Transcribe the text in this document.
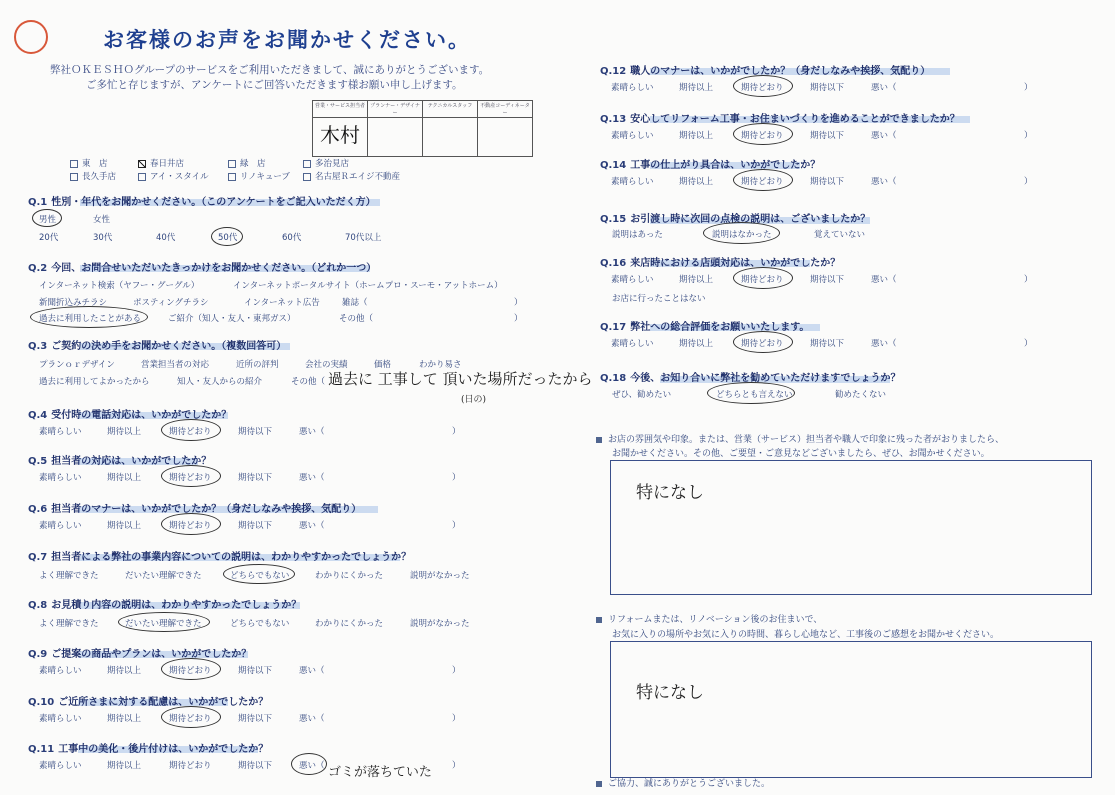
お客様のお声をお聞かせください。
弊社ＯＫＥＳＨＯグループのサービスをご利用いただきまして、誠にありがとうございます。
ご多忙と存じますが、アンケートにご回答いただきます様お願い申し上げます。
営業・サービス担当者	プランナー・デザイナー	テクニカルスタッフ	不動産コーディネーター
木村			
東　店	春日井店	緑　店	多治見店
長久手店	アイ・スタイル	リノキューブ	名古屋Ｒエイジ不動産
Q.1 性別・年代をお聞かせください。（このアンケートをご記入いただく方）
男性	女性
20代	30代	40代	50代	60代	70代以上
Q.2 今回、お問合せいただいたきっかけをお聞かせください。（どれか一つ）
インターネット検索（ヤフー・グーグル）	インターネットポータルサイト（ホームプロ・スーモ・アットホーム）
新聞折込みチラシ	ポスティングチラシ	インターネット広告	雑誌（	）
過去に利用したことがある	ご紹介（知人・友人・東邦ガス）	その他（	）
Q.3 ご契約の決め手をお聞かせください。（複数回答可）
プランｏｒデザイン	営業担当者の対応	近所の評判	会社の実績	価格	わかり易さ
過去に利用してよかったから	知人・友人からの紹介	その他（ 過去に 工事して 頂いた場所だったから
(日の)
Q.4 受付時の電話対応は、いかがでしたか？
素晴らしい	期待以上	期待どおり	期待以下	悪い（	）
Q.5 担当者の対応は、いかがでしたか？
素晴らしい	期待以上	期待どおり	期待以下	悪い（	）
Q.6 担当者のマナーは、いかがでしたか？（身だしなみや挨拶、気配り）
素晴らしい	期待以上	期待どおり	期待以下	悪い（	）
Q.9 ご提案の商品やプランは、いかがでしたか？
素晴らしい	期待以上	期待どおり	期待以下	悪い（	）
Q.10 ご近所さまに対する配慮は、いかがでしたか？
素晴らしい	期待以上	期待どおり	期待以下	悪い（	）
Q.11 工事中の美化・後片付けは、いかがでしたか？
素晴らしい	期待以上	期待どおり	期待以下	悪い（	）
Q.7 担当者による弊社の事業内容についての説明は、わかりやすかったでしょうか？
よく理解できた	だいたい理解できた	どちらでもない	わかりにくかった	説明がなかった
Q.8 お見積り内容の説明は、わかりやすかったでしょうか？
よく理解できた	だいたい理解できた	どちらでもない	わかりにくかった	説明がなかった
ゴミが落ちていた
Q.12 職人のマナーは、いかがでしたか？（身だしなみや挨拶、気配り）
素晴らしい	期待以上	期待どおり	期待以下	悪い（	）
Q.13 安心してリフォーム工事・お住まいづくりを進めることができましたか？
素晴らしい	期待以上	期待どおり	期待以下	悪い（	）
Q.14 工事の仕上がり具合は、いかがでしたか？
素晴らしい	期待以上	期待どおり	期待以下	悪い（	）
Q.16 来店時における店頭対応は、いかがでしたか？
素晴らしい	期待以上	期待どおり	期待以下	悪い（	）
Q.17 弊社への総合評価をお願いいたします。
素晴らしい	期待以上	期待どおり	期待以下	悪い（	）
Q.15 お引渡し時に次回の点検の説明は、ございましたか？
説明はあった	説明はなかった	覚えていない
お店に行ったことはない
Q.18 今後、お知り合いに弊社を勧めていただけますでしょうか？
ぜひ、勧めたい	どちらとも言えない	勧めたくない
お店の雰囲気や印象。または、営業（サービス）担当者や職人で印象に残った者がおりましたら、
お聞かせください。その他、ご要望・ご意見などございましたら、ぜひ、お聞かせください。
特になし
リフォームまたは、リノベーション後のお住まいで、
お気に入りの場所やお気に入りの時間、暮らし心地など、工事後のご感想をお聞かせください。
特になし
ご協力、誠にありがとうございました。
